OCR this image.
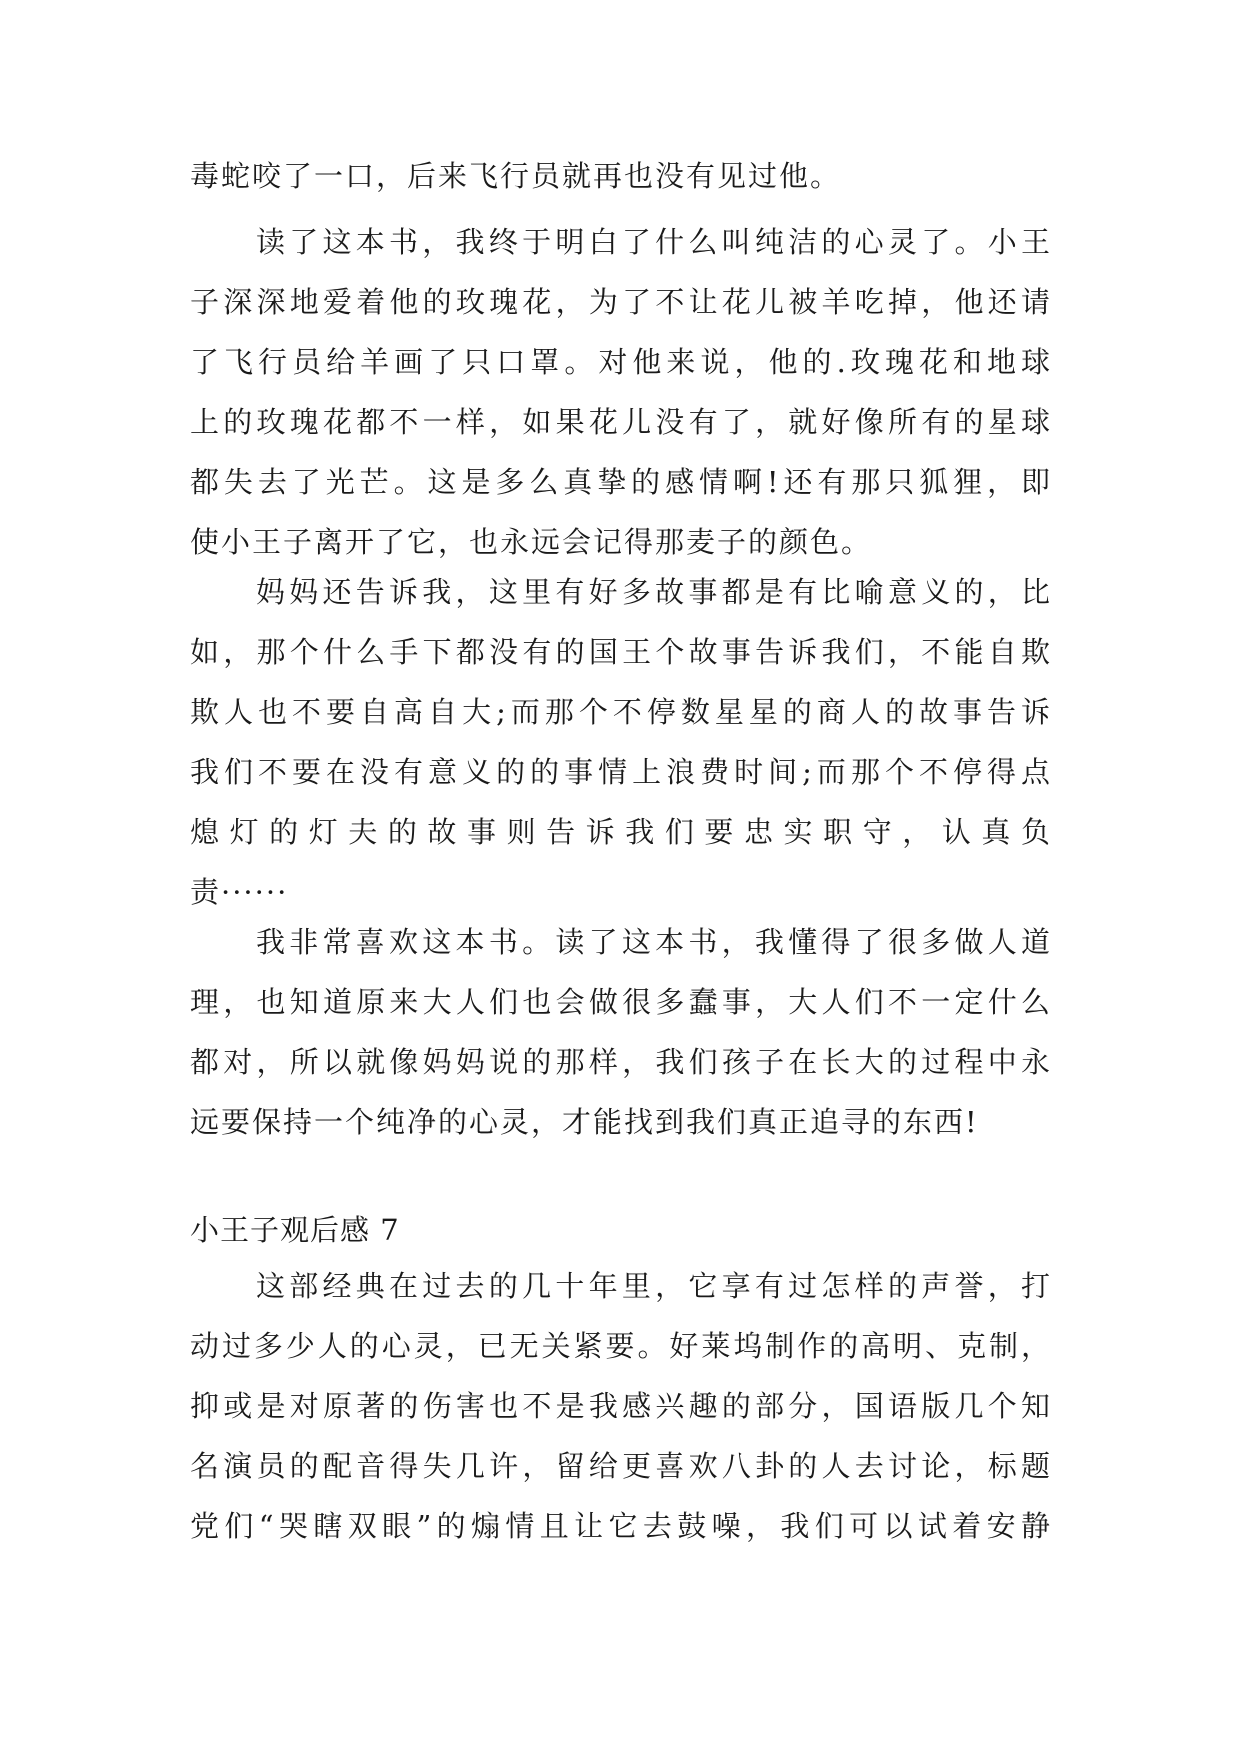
毒蛇咬了一口，后来飞行员就再也没有见过他。
读了这本书，我终于明白了什么叫纯洁的心灵了。小王
子深深地爱着他的玫瑰花，为了不让花儿被羊吃掉，他还请
了飞行员给羊画了只口罩。对他来说，他的.玫瑰花和地球
上的玫瑰花都不一样，如果花儿没有了，就好像所有的星球
都失去了光芒。这是多么真挚的感情啊!还有那只狐狸，即
使小王子离开了它，也永远会记得那麦子的颜色。
妈妈还告诉我，这里有好多故事都是有比喻意义的，比
如，那个什么手下都没有的国王个故事告诉我们，不能自欺
欺人也不要自高自大;而那个不停数星星的商人的故事告诉
我们不要在没有意义的的事情上浪费时间;而那个不停得点
熄灯的灯夫的故事则告诉我们要忠实职守，认真负
责······
我非常喜欢这本书。读了这本书，我懂得了很多做人道
理，也知道原来大人们也会做很多蠢事，大人们不一定什么
都对，所以就像妈妈说的那样，我们孩子在长大的过程中永
远要保持一个纯净的心灵，才能找到我们真正追寻的东西!
小王子观后感 7
这部经典在过去的几十年里，它享有过怎样的声誉，打
动过多少人的心灵，已无关紧要。好莱坞制作的高明、克制，
抑或是对原著的伤害也不是我感兴趣的部分，国语版几个知
名演员的配音得失几许，留给更喜欢八卦的人去讨论，标题
党们“哭瞎双眼”的煽情且让它去鼓噪，我们可以试着安静
